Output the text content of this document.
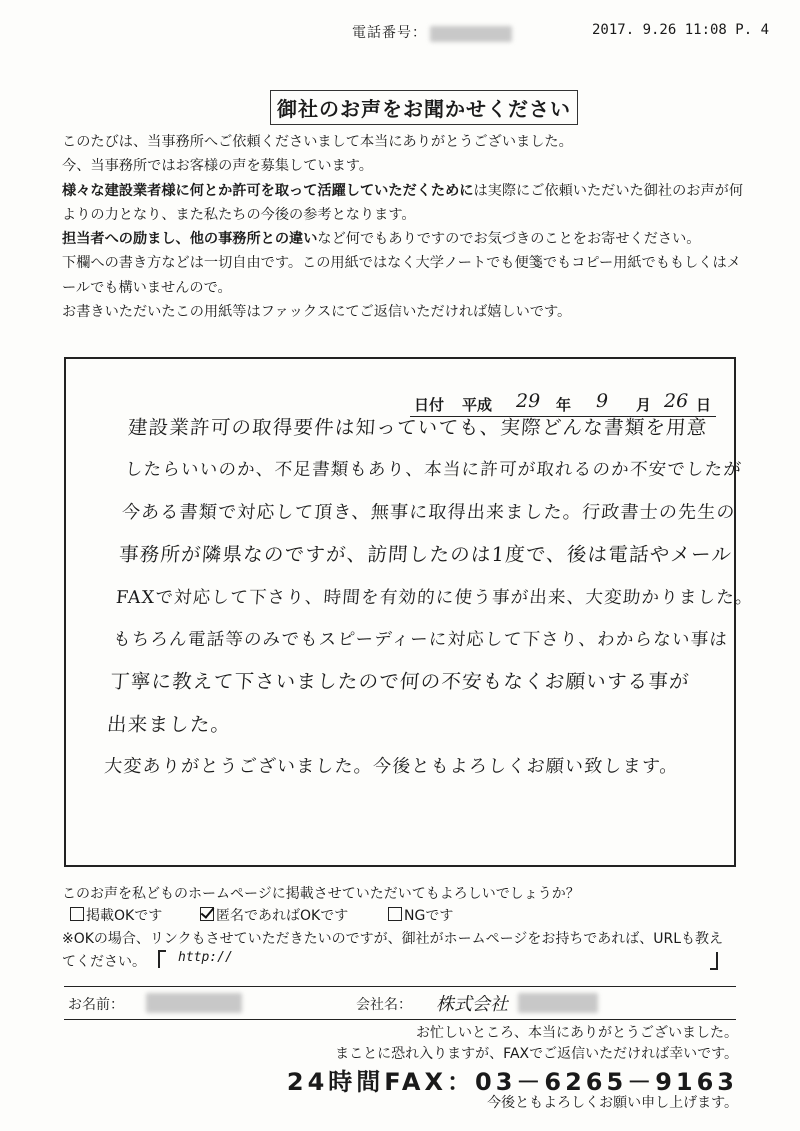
電話番号：	2017. 9.26 11:08 P. 4
御社のお声をお聞かせください

このたびは、当事務所へご依頼くださいまして本当にありがとうございました。

今、当事務所ではお客様の声を募集しています。

様々な建設業者様に何とか許可を取って活躍していただくためには実際にご依頼いただいた御社のお声が何よりの力となり、また私たちの今後の参考となります。

担当者への励まし、他の事務所との違いなど何でもありですのでお気づきのことをお寄せください。

下欄への書き方などは一切自由です。この用紙ではなく大学ノートでも便箋でもコピー用紙でももしくはメールでも構いませんので。

お書きいただいたこの用紙等はファックスにてご返信いただければ嬉しいです。

日付 平成 29 年 9 月 26 日
建設業許可の取得要件は知っていても、実際どんな書類を用意
したらいいのか、不足書類もあり、本当に許可が取れるのか不安でしたが
今ある書類で対応して頂き、無事に取得出来ました。行政書士の先生の
事務所が隣県なのですが、訪問したのは1度で、後は電話やメール
FAXで対応して下さり、時間を有効的に使う事が出来、大変助かりました。
もちろん電話等のみでもスピーディーに対応して下さり、わからない事は
丁寧に教えて下さいましたので何の不安もなくお願いする事が
出来ました。
大変ありがとうございました。今後ともよろしくお願い致します。
このお声を私どものホームページに掲載させていただいてもよろしいでしょうか？
掲載OKです	匿名であればOKです	NGです
※OKの場合、リンクもさせていただきたいのですが、御社がホームページをお持ちであれば、URLも教え
てください。	http://
お名前：	会社名： 株式会社
お忙しいところ、本当にありがとうございました。
まことに恐れ入りますが、FAXでご返信いただければ幸いです。
24時間FAX：03－6265－9163
今後ともよろしくお願い申し上げます。
